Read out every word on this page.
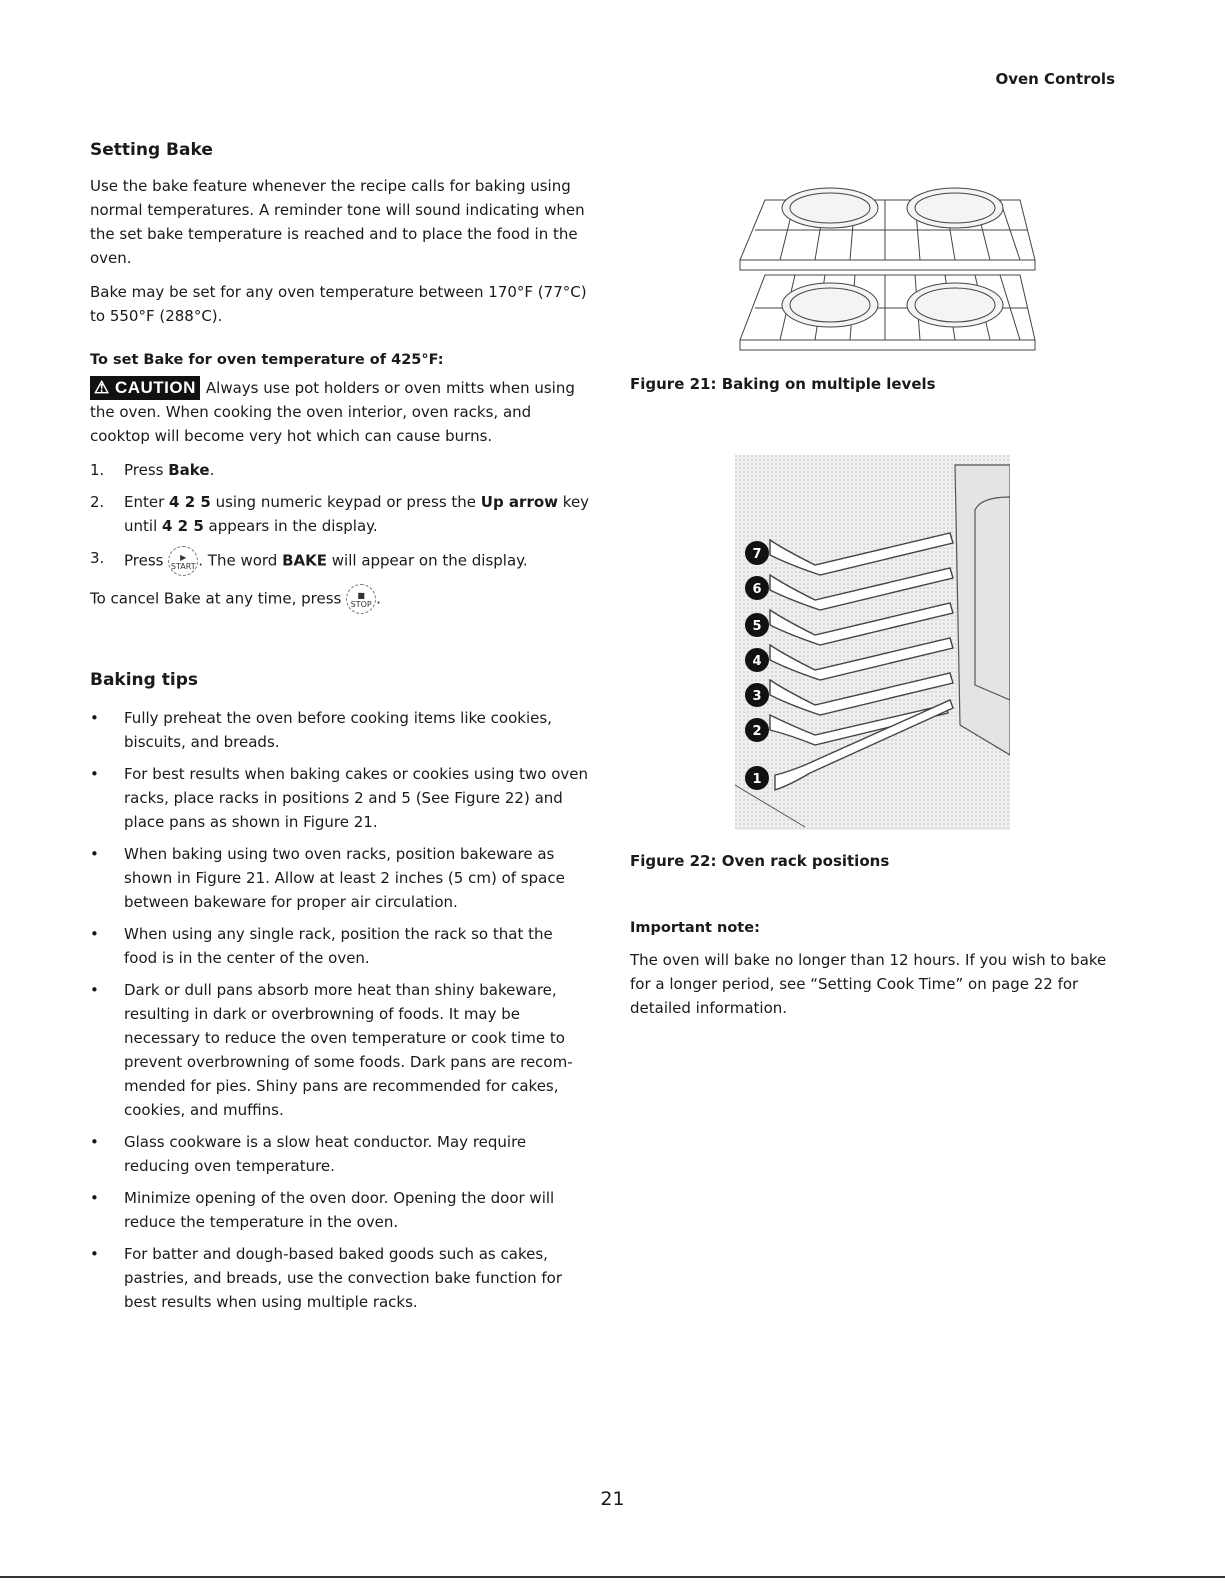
Oven Controls
Setting Bake

Use the bake feature whenever the recipe calls for baking using normal temperatures. A reminder tone will sound indicating when the set bake temperature is reached and to place the food in the oven.

Bake may be set for any oven temperature between 170°F (77°C) to 550°F (288°C).

To set Bake for oven temperature of 425°F:
⚠ CAUTION Always use pot holders or oven mitts when using the oven. When cooking the oven interior, oven racks, and cooktop will become very hot which can cause burns.
1. Press Bake.
2. Enter 4 2 5 using numeric keypad or press the Up arrow key until 4 2 5 appears in the display.
3. Press ▶
START . The word BAKE will appear on the display.
To cancel Bake at any time, press ■
STOP .
Baking tips
• Fully preheat the oven before cooking items like cookies, biscuits, and breads.
• For best results when baking cakes or cookies using two oven racks, place racks in positions 2 and 5 (See Figure 22) and place pans as shown in Figure 21.
• When baking using two oven racks, position bakeware as shown in Figure 21. Allow at least 2 inches (5 cm) of space between bakeware for proper air circulation.
• When using any single rack, position the rack so that the food is in the center of the oven.
• Dark or dull pans absorb more heat than shiny bakeware, resulting in dark or overbrowning of foods. It may be necessary to reduce the oven temperature or cook time to prevent overbrowning of some foods. Dark pans are recom-mended for pies. Shiny pans are recommended for cakes, cookies, and muffins.
• Glass cookware is a slow heat conductor. May require reducing oven temperature.
• Minimize opening of the oven door. Opening the door will reduce the temperature in the oven.
• For batter and dough-based baked goods such as cakes, pastries, and breads, use the convection bake function for best results when using multiple racks.
Figure 21: Baking on multiple levels
7
6
5
4
3
2
1
Figure 22: Oven rack positions
Important note:
The oven will bake no longer than 12 hours. If you wish to bake for a longer period, see “Setting Cook Time” on page 22 for detailed information.
21
